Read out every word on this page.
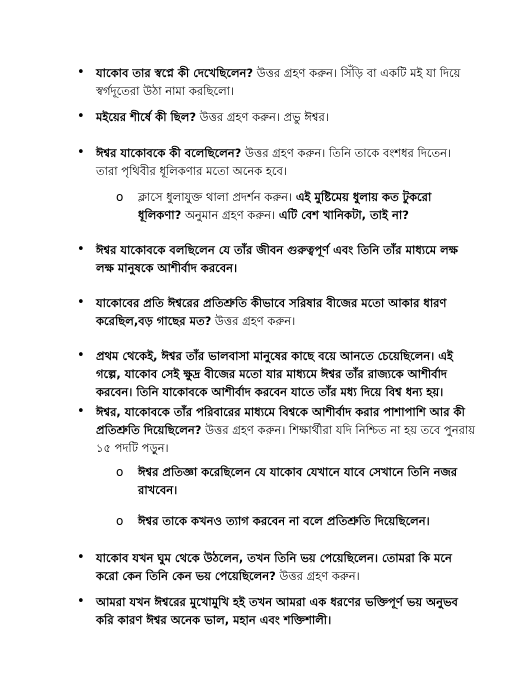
• যাকোব তার স্বপ্নে কী দেখেছিলেন? উত্তর গ্রহণ করুন। সিঁড়ি বা একটি মই যা দিয়ে স্বর্গদূতেরা উঠা নামা করছিলো।
• মইয়ের শীর্ষে কী ছিল? উত্তর গ্রহণ করুন। প্রভু ঈশ্বর।
• ঈশ্বর যাকোবকে কী বলেছিলেন? উত্তর গ্রহণ করুন। তিনি তাকে বংশধর দিতেন। তারা পৃথিবীর ধূলিকণার মতো অনেক হবে।
o ক্লাসে ধুলাযুক্ত থালা প্রদর্শন করুন। এই মুষ্টিমেয় ধুলায় কত টুকরো ধূলিকণা? অনুমান গ্রহণ করুন। এটি বেশ খানিকটা, তাই না?
• ঈশ্বর যাকোবকে বলছিলেন যে তাঁর জীবন গুরুত্বপূর্ণ এবং তিনি তাঁর মাধ্যমে লক্ষ লক্ষ মানুষকে আশীর্বাদ করবেন।
• যাকোবের প্রতি ঈশ্বরের প্রতিশ্রুতি কীভাবে সরিষার বীজের মতো আকার ধারণ করেছিল,বড় গাছের মত? উত্তর গ্রহণ করুন।
• প্রথম থেকেই, ঈশ্বর তাঁর ভালবাসা মানুষের কাছে বয়ে আনতে চেয়েছিলেন। এই গল্পে, যাকোব সেই ক্ষুদ্র বীজের মতো যার মাধ্যমে ঈশ্বর তাঁর রাজ্যকে আশীর্বাদ করবেন। তিনি যাকোবকে আশীর্বাদ করবেন যাতে তাঁর মধ্য দিয়ে বিশ্ব ধন্য হয়।
• ঈশ্বর, যাকোবকে তাঁর পরিবারের মাধ্যমে বিশ্বকে আশীর্বাদ করার পাশাপাশি আর কী প্রতিশ্রুতি দিয়েছিলেন? উত্তর গ্রহণ করুন। শিক্ষার্থীরা যদি নিশ্চিত না হয় তবে পুনরায় ১৫ পদটি পড়ুন।
o ঈশ্বর প্রতিজ্ঞা করেছিলেন যে যাকোব যেখানে যাবে সেখানে তিনি নজর রাখবেন।
o ঈশ্বর তাকে কখনও ত্যাগ করবেন না বলে প্রতিশ্রুতি দিয়েছিলেন।
• যাকোব যখন ঘুম থেকে উঠলেন, তখন তিনি ভয় পেয়েছিলেন। তোমরা কি মনে করো কেন তিনি কেন ভয় পেয়েছিলেন? উত্তর গ্রহণ করুন।
• আমরা যখন ঈশ্বরের মুখোমুখি হই তখন আমরা এক ধরণের ভক্তিপূর্ণ ভয় অনুভব করি কারণ ঈশ্বর অনেক ভাল, মহান এবং শক্তিশালী।
